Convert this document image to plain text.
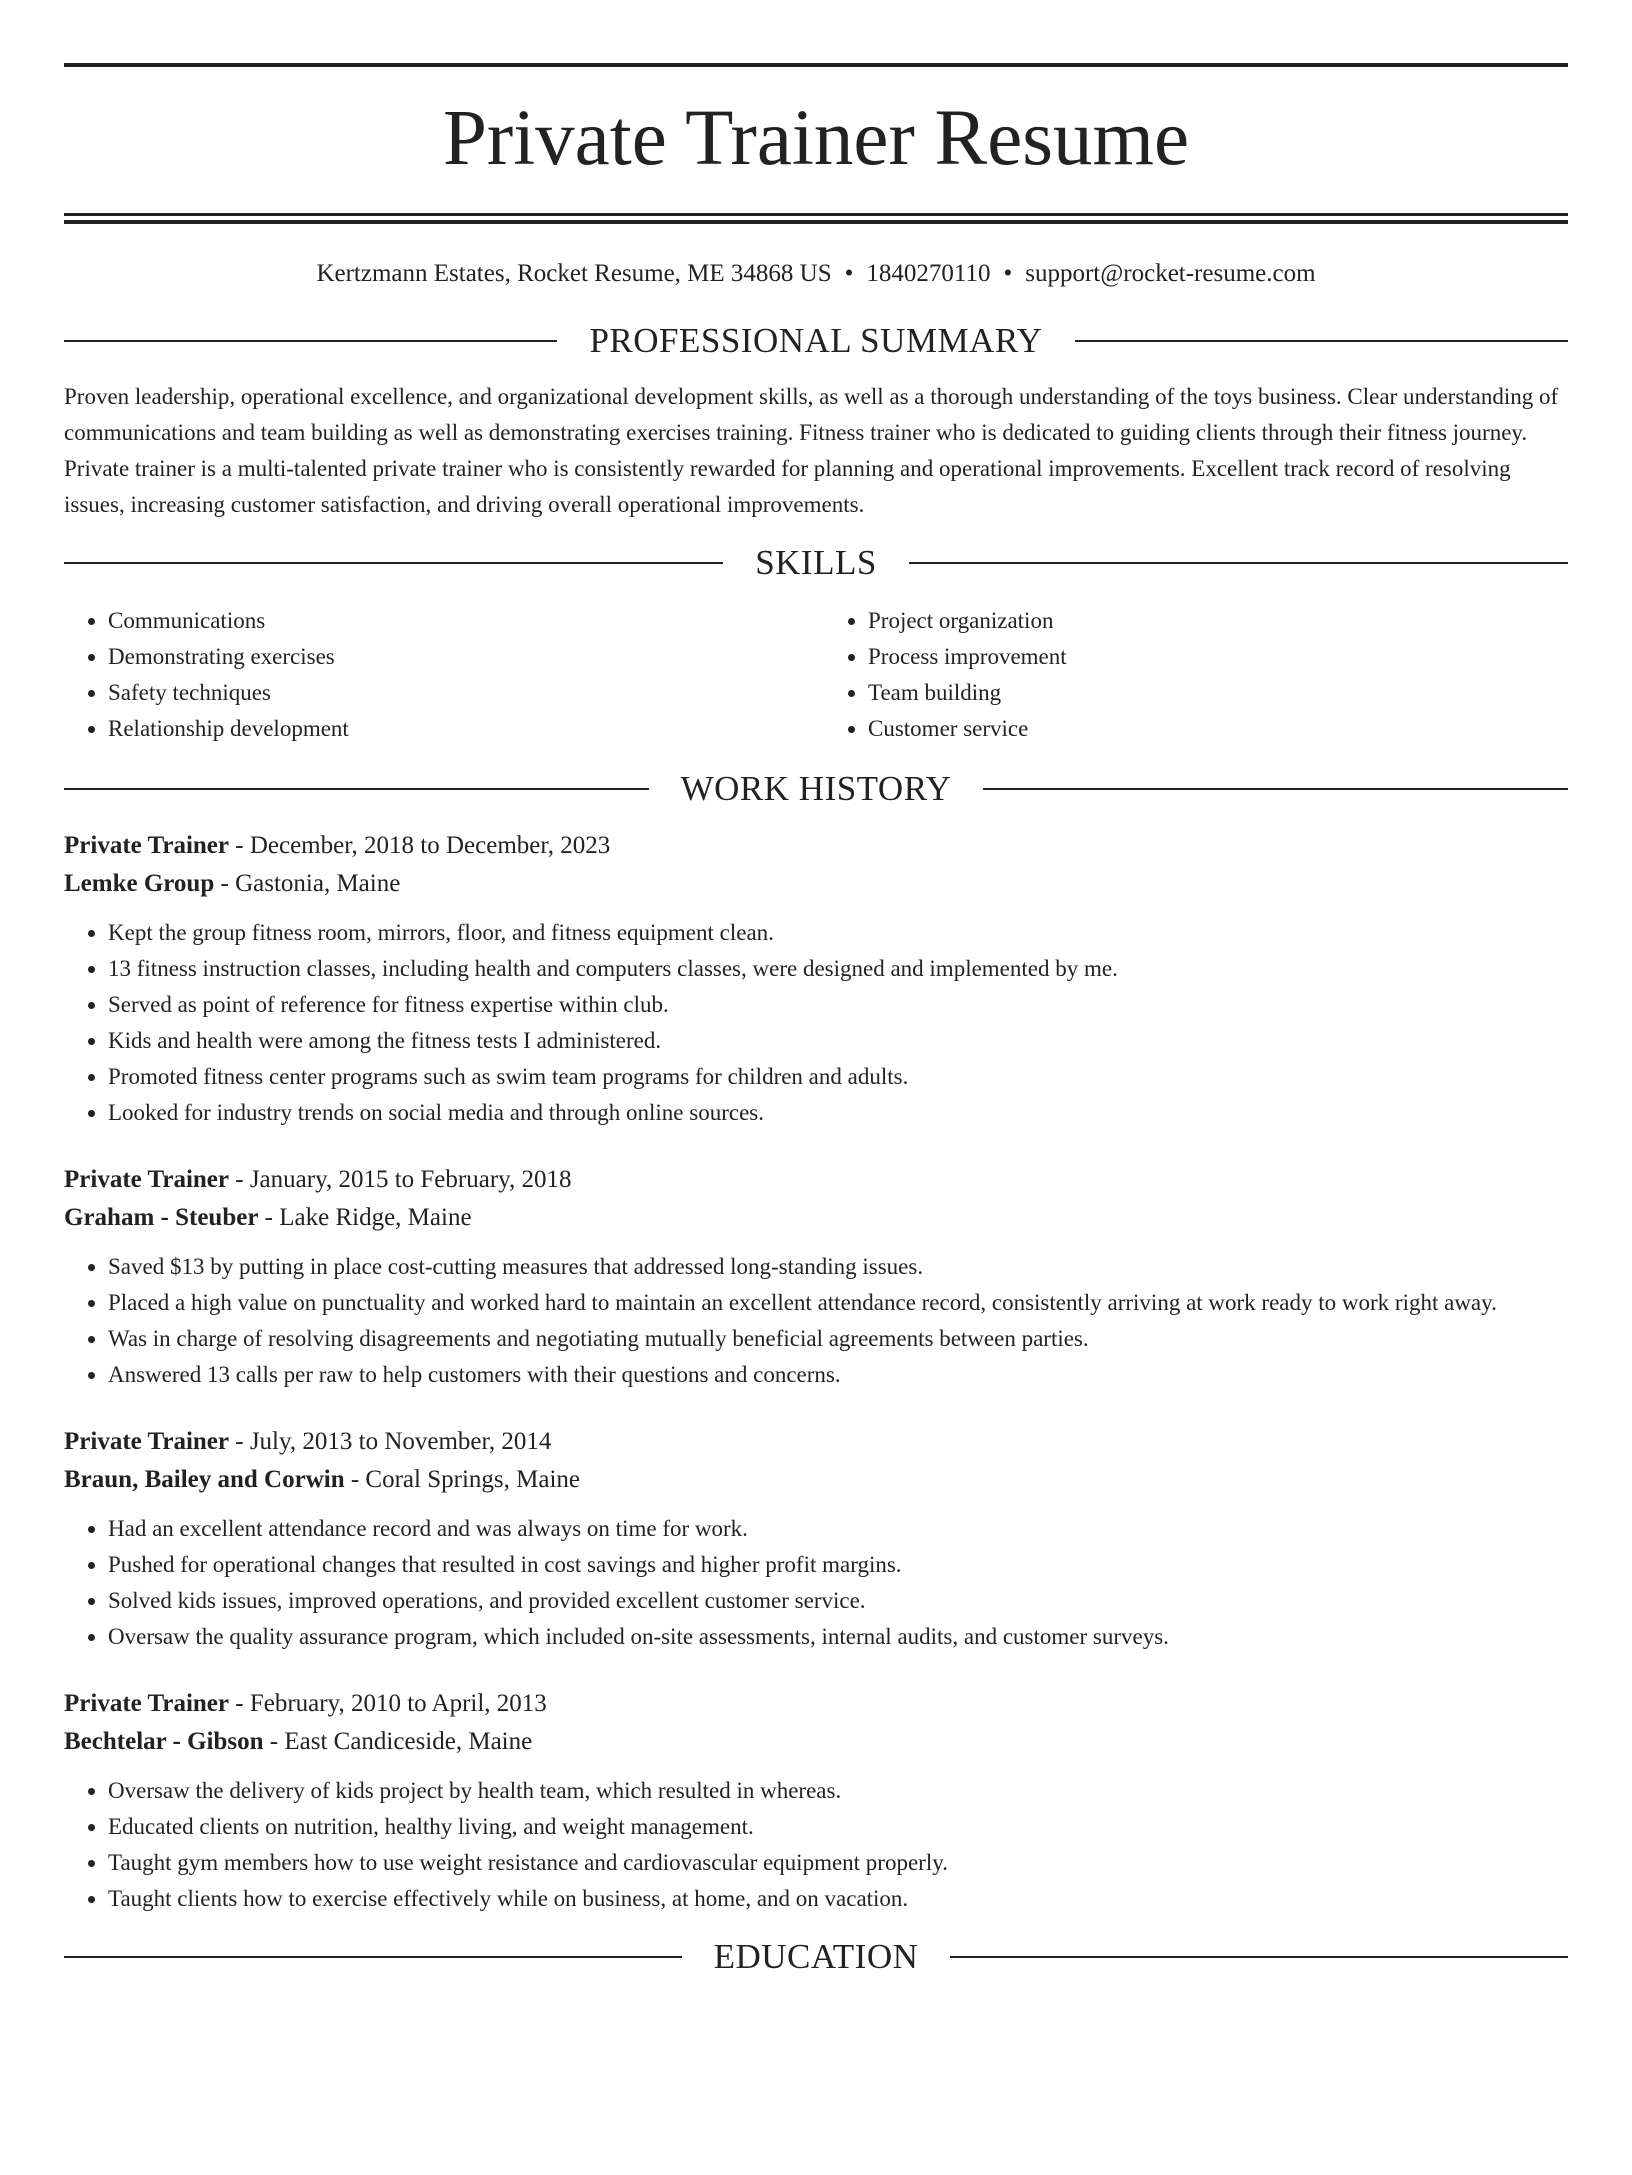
Private Trainer Resume
Kertzmann Estates, Rocket Resume, ME 34868 US • 1840270110 • support@rocket-resume.com
PROFESSIONAL SUMMARY

Proven leadership, operational excellence, and organizational development skills, as well as a thorough understanding of the toys business. Clear understanding of communications and team building as well as demonstrating exercises training. Fitness trainer who is dedicated to guiding clients through their fitness journey. Private trainer is a multi-talented private trainer who is consistently rewarded for planning and operational improvements. Excellent track record of resolving issues, increasing customer satisfaction, and driving overall operational improvements.

SKILLS
• Communications
• Demonstrating exercises
• Safety techniques
• Relationship development
• Project organization
• Process improvement
• Team building
• Customer service
WORK HISTORY
Private Trainer - December, 2018 to December, 2023
Lemke Group - Gastonia, Maine
• Kept the group fitness room, mirrors, floor, and fitness equipment clean.
• 13 fitness instruction classes, including health and computers classes, were designed and implemented by me.
• Served as point of reference for fitness expertise within club.
• Kids and health were among the fitness tests I administered.
• Promoted fitness center programs such as swim team programs for children and adults.
• Looked for industry trends on social media and through online sources.
Private Trainer - January, 2015 to February, 2018
Graham - Steuber - Lake Ridge, Maine
• Saved $13 by putting in place cost-cutting measures that addressed long-standing issues.
• Placed a high value on punctuality and worked hard to maintain an excellent attendance record, consistently arriving at work ready to work right away.
• Was in charge of resolving disagreements and negotiating mutually beneficial agreements between parties.
• Answered 13 calls per raw to help customers with their questions and concerns.
Private Trainer - July, 2013 to November, 2014
Braun, Bailey and Corwin - Coral Springs, Maine
• Had an excellent attendance record and was always on time for work.
• Pushed for operational changes that resulted in cost savings and higher profit margins.
• Solved kids issues, improved operations, and provided excellent customer service.
• Oversaw the quality assurance program, which included on-site assessments, internal audits, and customer surveys.
Private Trainer - February, 2010 to April, 2013
Bechtelar - Gibson - East Candiceside, Maine
• Oversaw the delivery of kids project by health team, which resulted in whereas.
• Educated clients on nutrition, healthy living, and weight management.
• Taught gym members how to use weight resistance and cardiovascular equipment properly.
• Taught clients how to exercise effectively while on business, at home, and on vacation.
EDUCATION
